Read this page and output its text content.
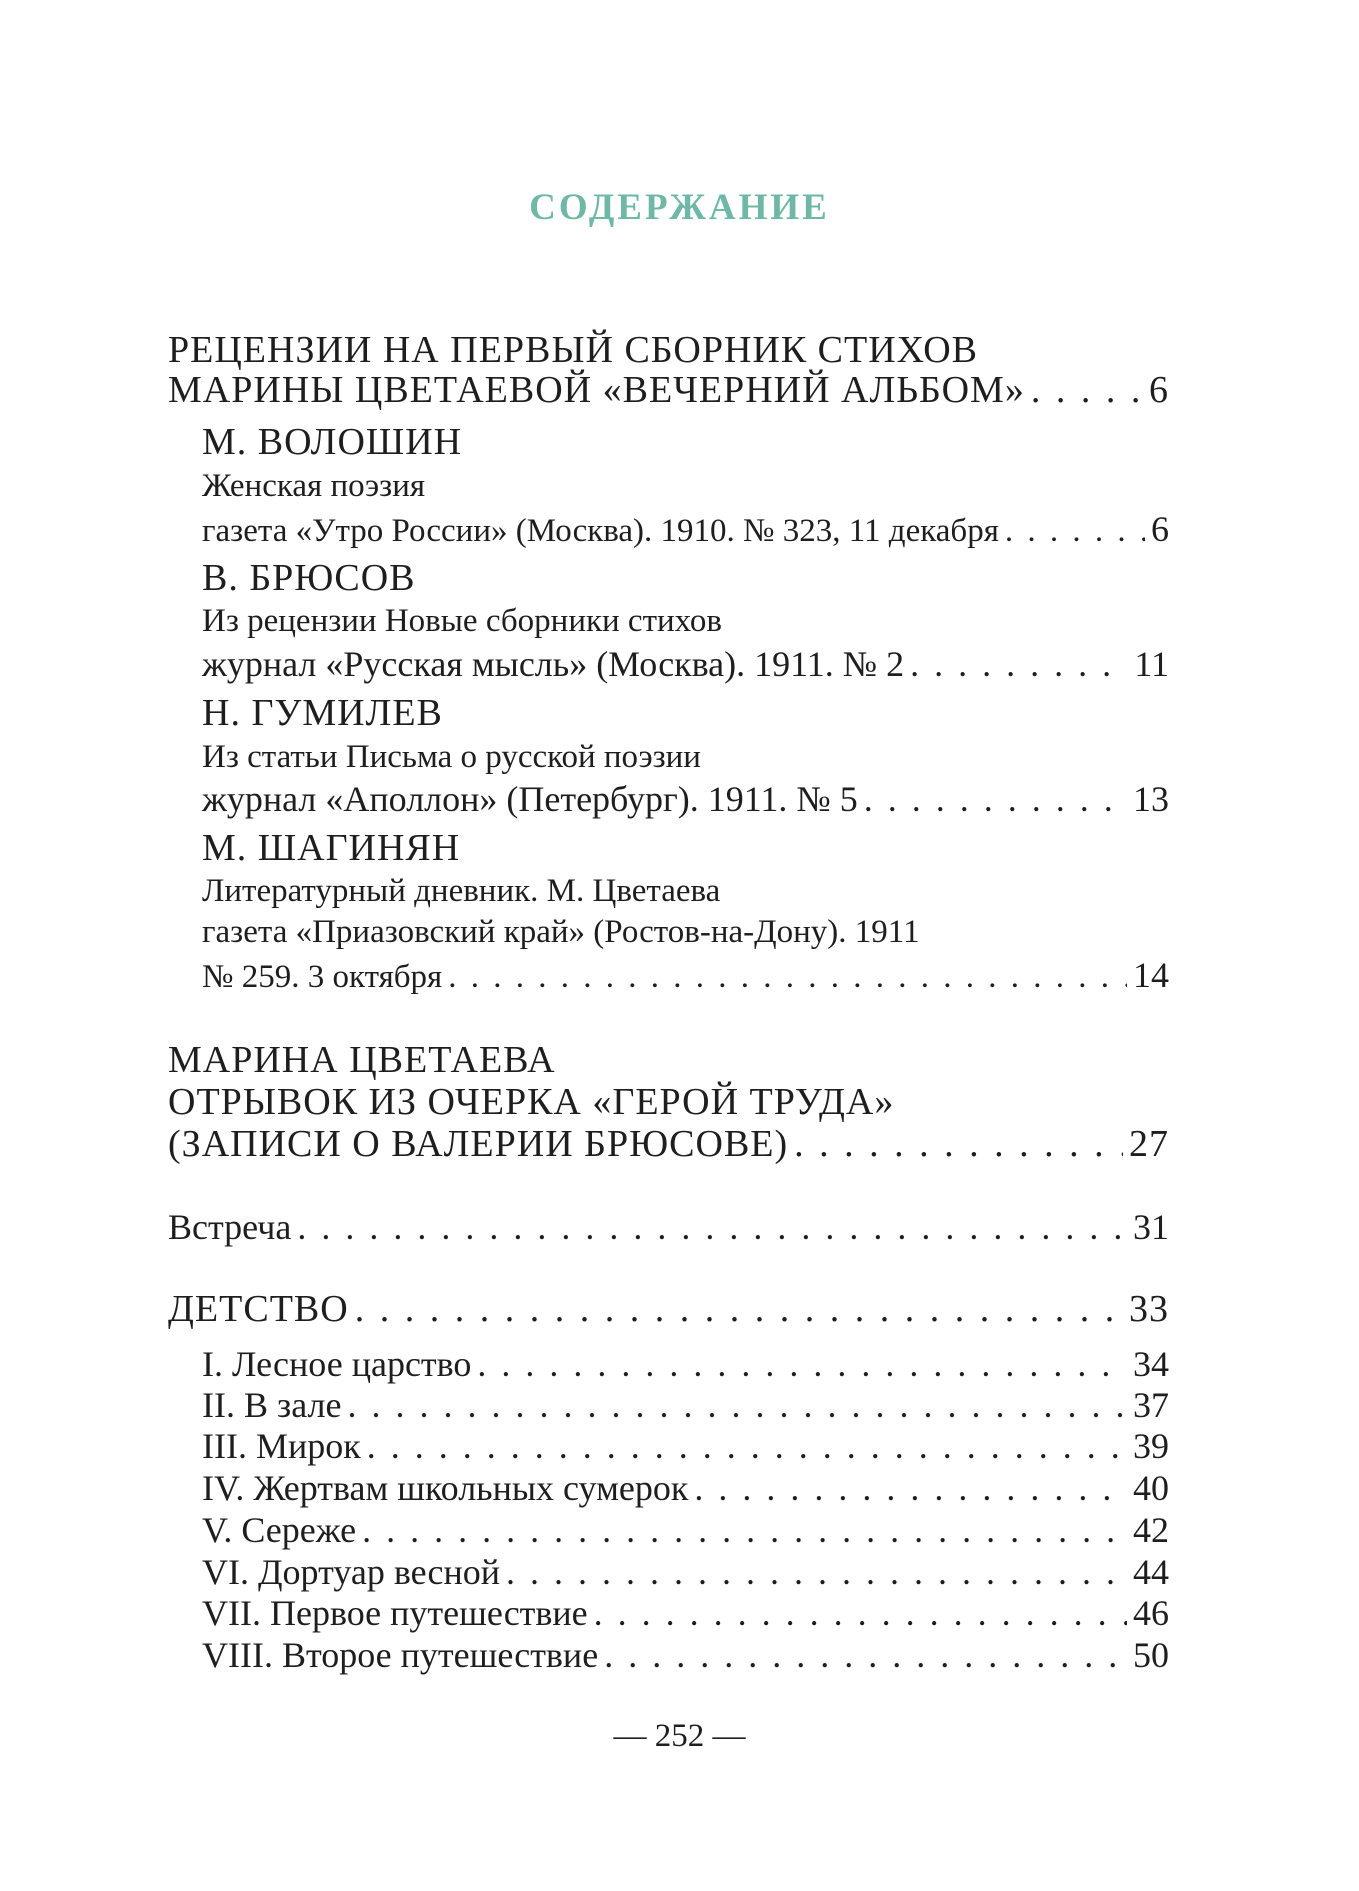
СОДЕРЖАНИЕ
РЕЦЕНЗИИ НА ПЕРВЫЙ СБОРНИК СТИХОВ
МАРИНЫ ЦВЕТАЕВОЙ «ВЕЧЕРНИЙ АЛЬБОМ» . . .	6
М. ВОЛОШИН
Женская поэзия
газета «Утро России» (Москва). 1910. № 323, 11 декабря . . .	6
В. БРЮСОВ
Из рецензии Новые сборники стихов
журнал «Русская мысль» (Москва). 1911. № 2 . . .	11
Н. ГУМИЛЕВ
Из статьи Письма о русской поэзии
журнал «Аполлон» (Петербург). 1911. № 5 . . .	13
М. ШАГИНЯН
Литературный дневник. М. Цветаева
газета «Приазовский край» (Ростов-на-Дону). 1911
№ 259. 3 октября . . .	14
МАРИНА ЦВЕТАЕВА
ОТРЫВОК ИЗ ОЧЕРКА «ГЕРОЙ ТРУДА»
(ЗАПИСИ О ВАЛЕРИИ БРЮСОВЕ) . . .	27
Встреча . . .	31
ДЕТСТВО . . .	33
I. Лесное царство . . .	34
II. В зале . . .	37
III. Мирок . . .	39
IV. Жертвам школьных сумерок . . .	40
V. Сереже . . .	42
VI. Дортуар весной . . .	44
VII. Первое путешествие . . .	46
VIII. Второе путешествие . . .	50
— 252 —
